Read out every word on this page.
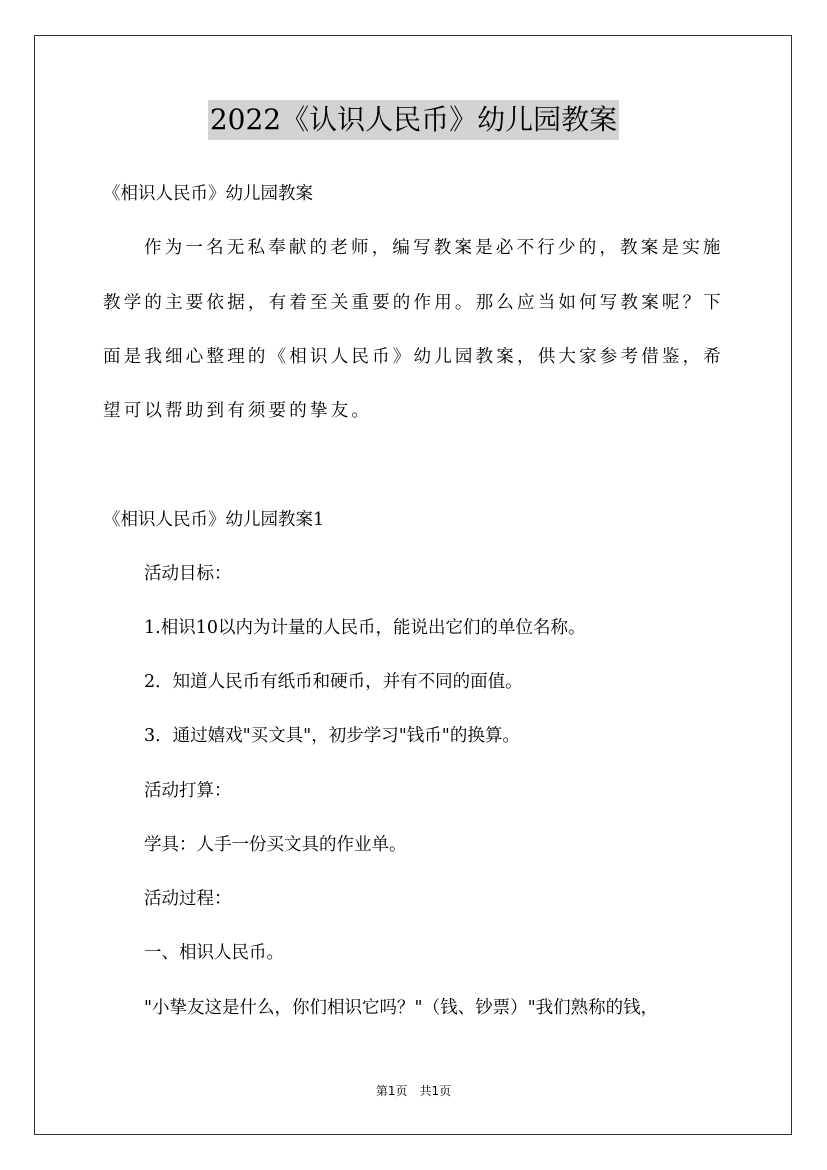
2022《认识人民币》幼儿园教案
《相识人民币》幼儿园教案
作为一名无私奉献的老师，编写教案是必不行少的，教案是实施
教学的主要依据，有着至关重要的作用。那么应当如何写教案呢？下
面是我细心整理的《相识人民币》幼儿园教案，供大家参考借鉴，希
望可以帮助到有须要的挚友。
《相识人民币》幼儿园教案1
活动目标：
1.相识10以内为计量的人民币，能说出它们的单位名称。
2．知道人民币有纸币和硬币，并有不同的面值。
3．通过嬉戏"买文具"，初步学习"钱币"的换算。
活动打算：
学具：人手一份买文具的作业单。
活动过程：
一、相识人民币。
"小挚友这是什么，你们相识它吗？"（钱、钞票）"我们熟称的钱，
第1页　共1页
